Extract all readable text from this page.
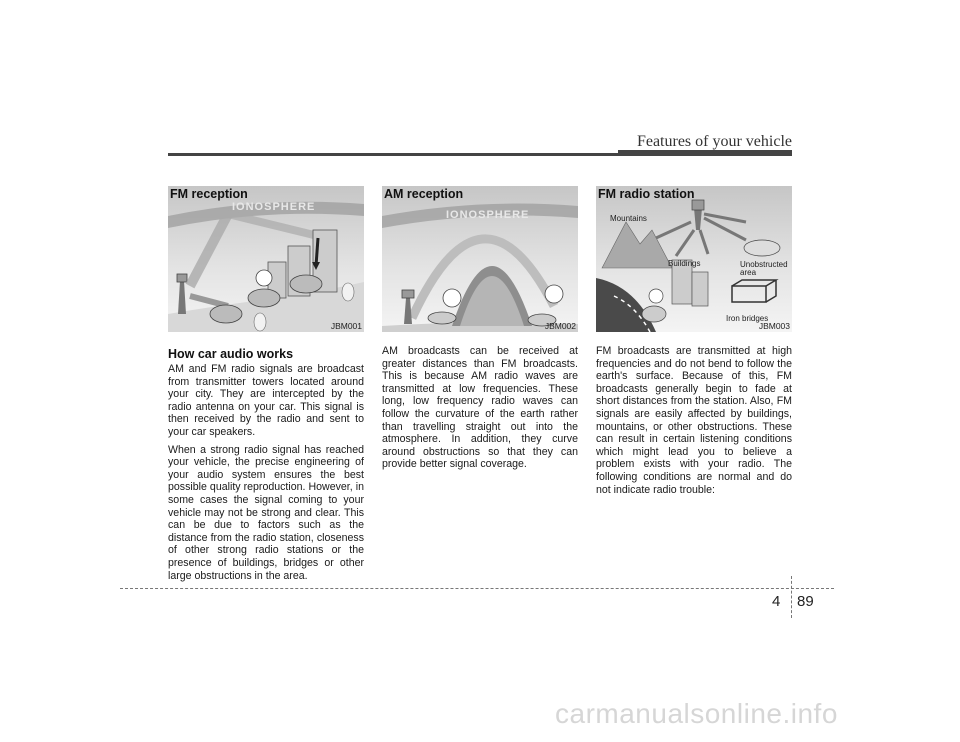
Features of your vehicle
FM reception
IONOSPHERE
JBM001
How car audio works

AM and FM radio signals are broadcast from transmitter towers located around your city. They are intercepted by the radio antenna on your car. This signal is then received by the radio and sent to your car speakers.

When a strong radio signal has reached your vehicle, the precise engineering of your audio system ensures the best possible quality reproduction. However, in some cases the signal coming to your vehicle may not be strong and clear. This can be due to factors such as the distance from the radio station, closeness of other strong radio stations or the presence of buildings, bridges or other large obstructions in the area.

AM reception
IONOSPHERE
JBM002

AM broadcasts can be received at greater distances than FM broadcasts. This is because AM radio waves are transmitted at low frequencies. These long, low frequency radio waves can follow the curvature of the earth rather than travelling straight out into the atmosphere. In addition, they curve around obstructions so that they can provide better signal coverage.

FM radio station
Mountains
Buildings	Unobstructed
area
Iron bridges
JBM003

FM broadcasts are transmitted at high frequencies and do not bend to follow the earth's surface. Because of this, FM broadcasts generally begin to fade at short distances from the station. Also, FM signals are easily affected by buildings, mountains, or other obstructions. These can result in certain listening conditions which might lead you to believe a problem exists with your radio. The following conditions are normal and do not indicate radio trouble:

4 89
carmanualsonline.info
